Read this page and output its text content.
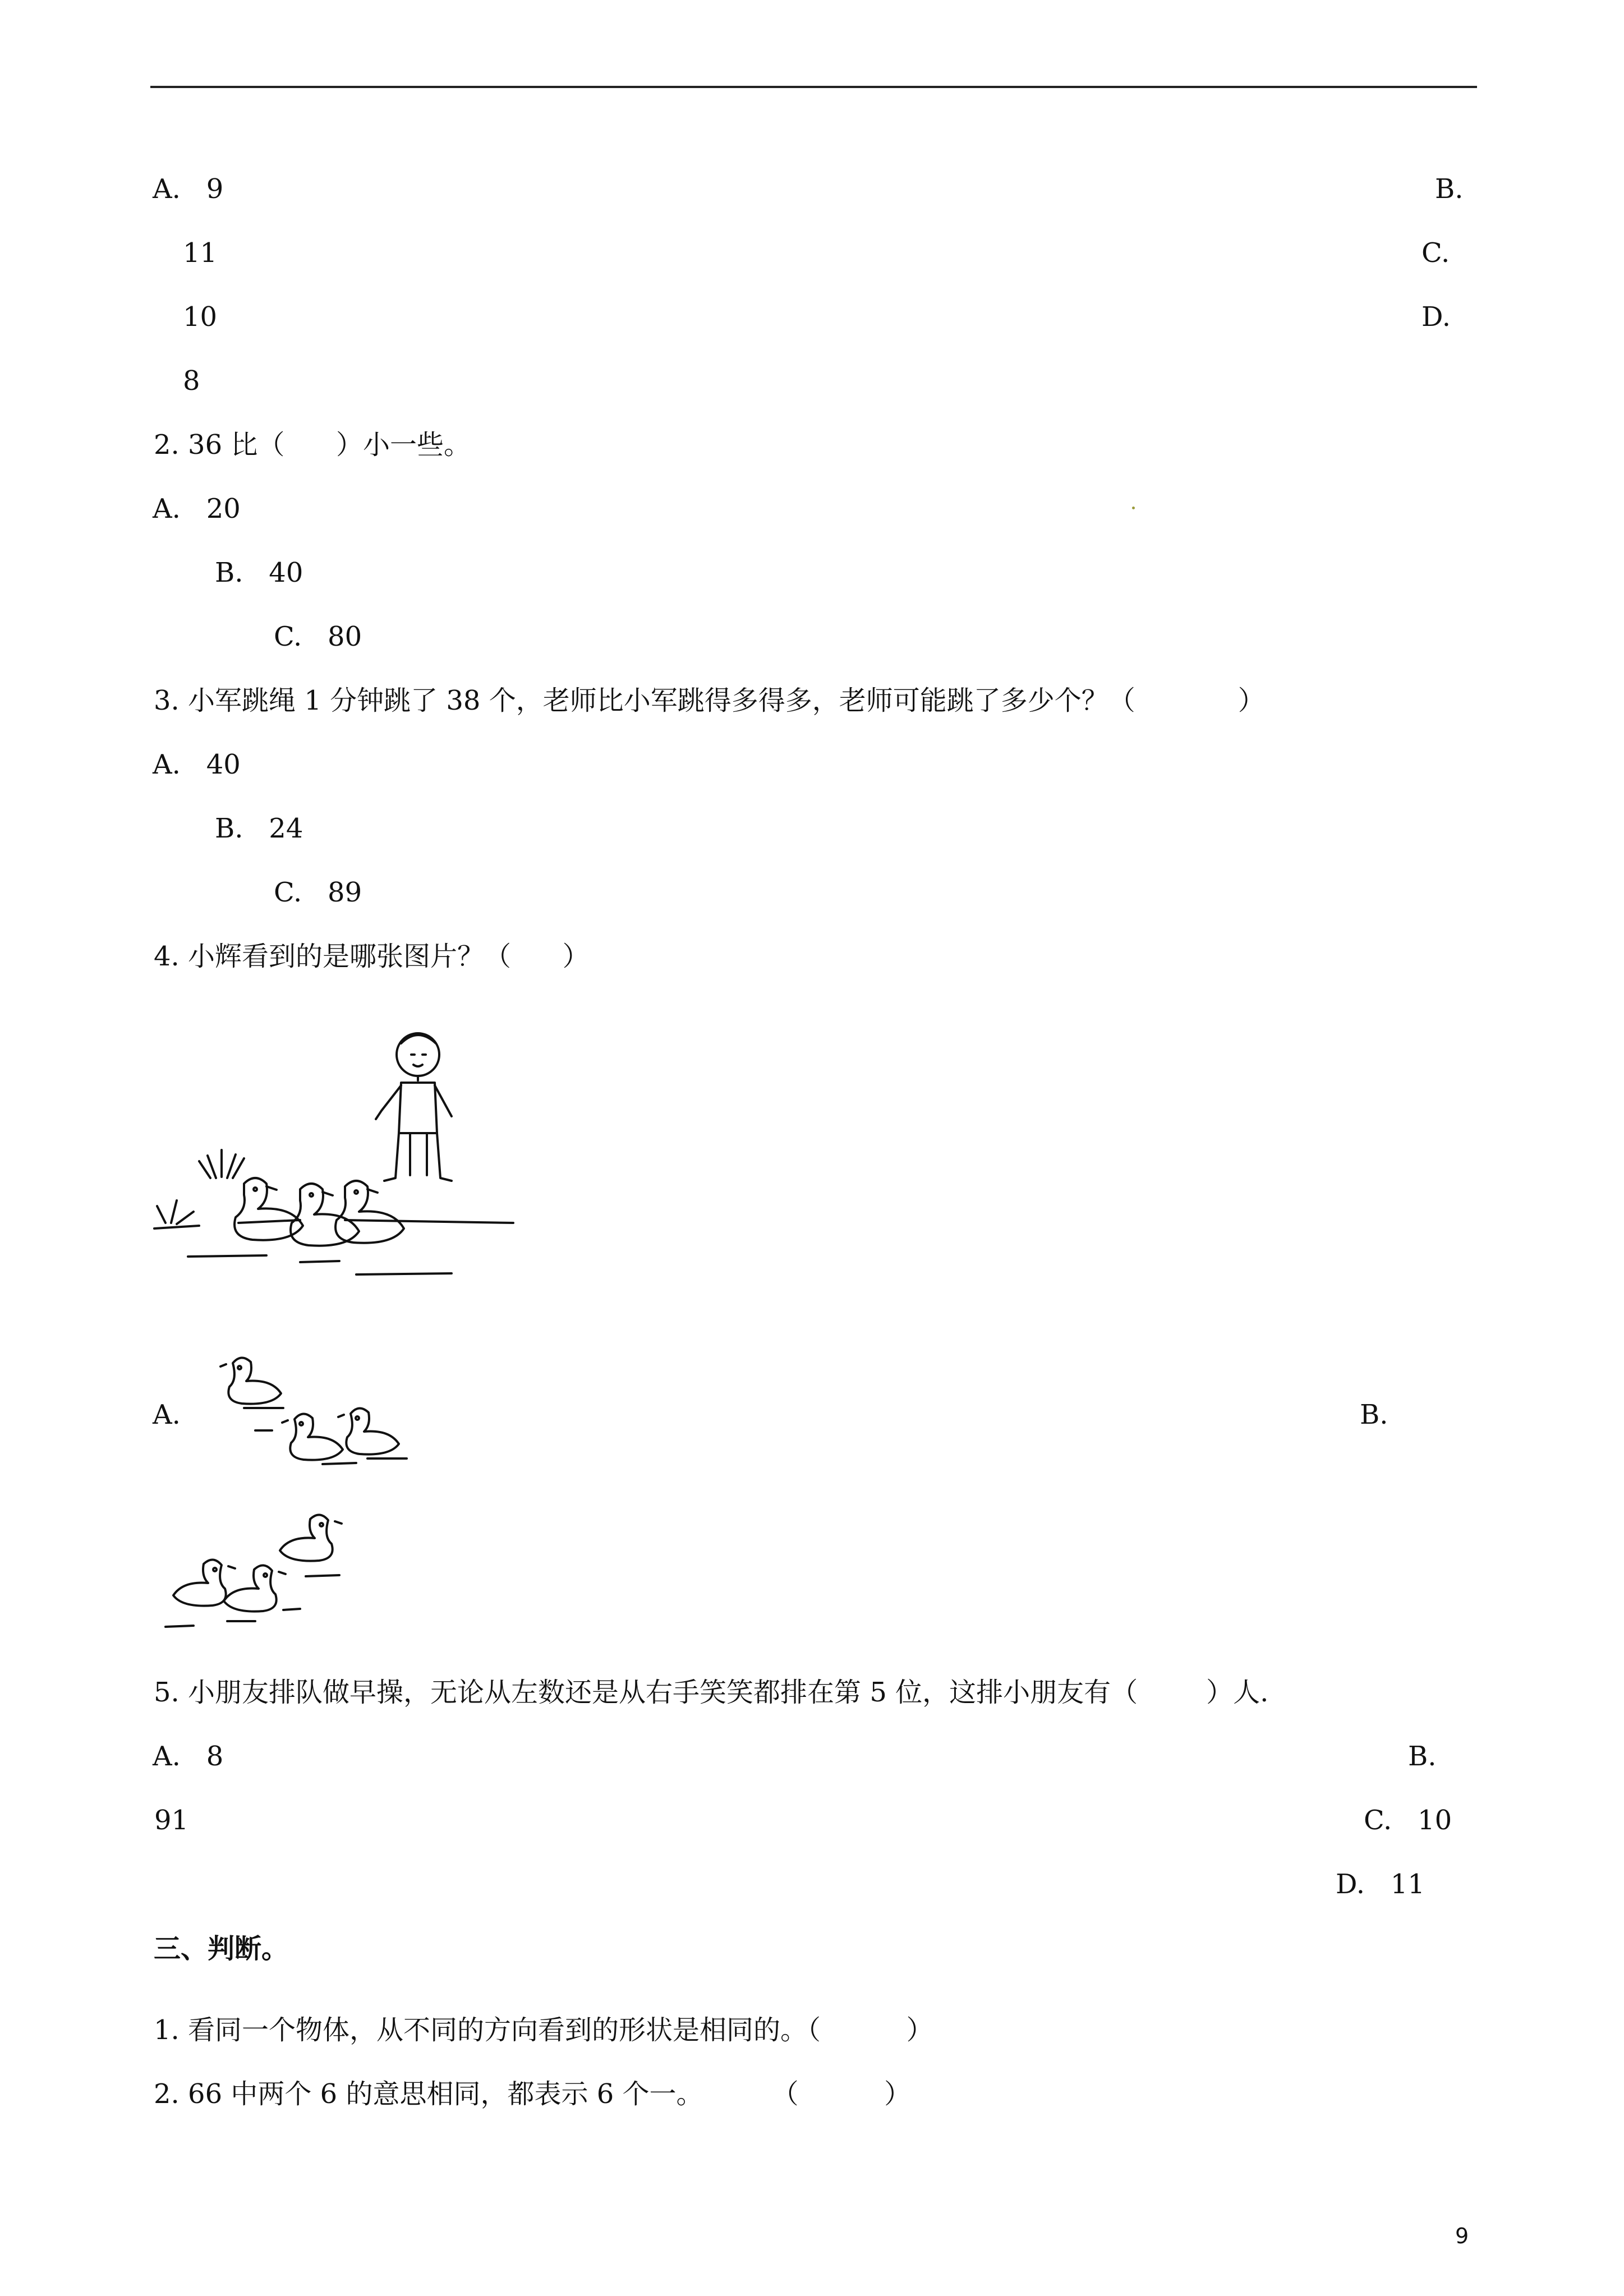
A.   9	B.
11	C.
10	D.
8
2. 36 比（      ）小一些。
A.   20
B.   40
C.   80
3. 小军跳绳 1 分钟跳了 38 个，老师比小军跳得多得多，老师可能跳了多少个？（            ）
A.   40
B.   24
C.   89
4. 小辉看到的是哪张图片？（      ）
A.	B.
5. 小朋友排队做早操，无论从左数还是从右手笑笑都排在第 5 位，这排小朋友有（        ）人.
A.   8	B.
91	C.   10
D.   11
三、判断。
1. 看同一个物体，从不同的方向看到的形状是相同的。（          ）
2. 66 中两个 6 的意思相同，都表示 6 个一。        （          ）
9
